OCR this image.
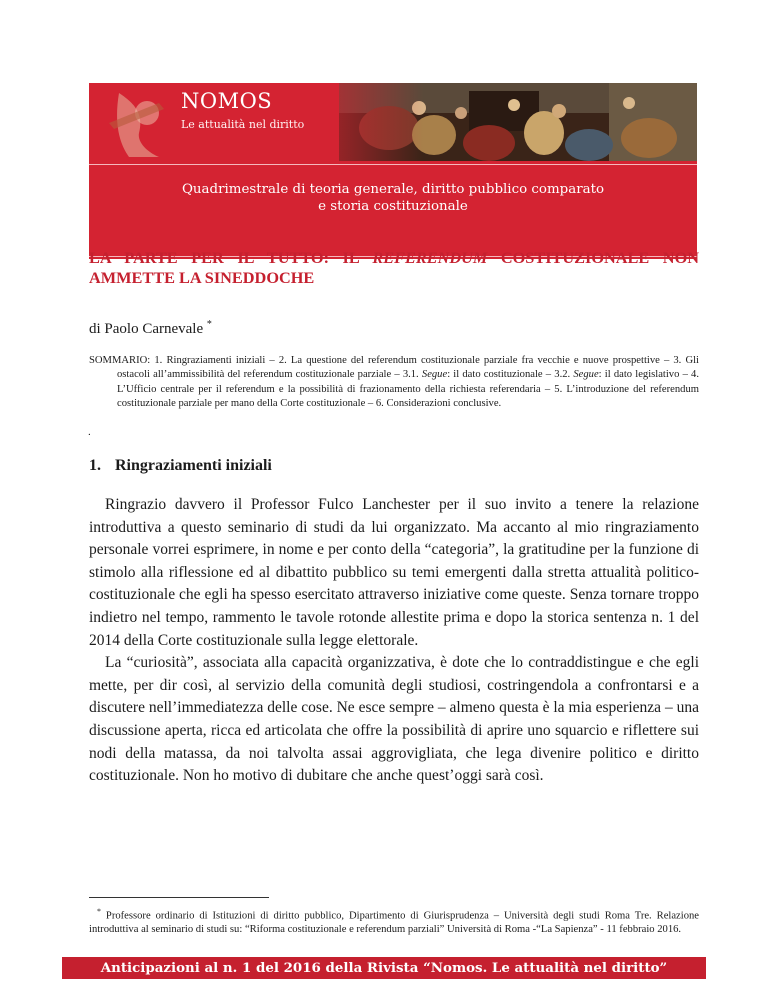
NOMOS
Le attualità nel diritto
Quadrimestrale di teoria generale, diritto pubblico comparato
e storia costituzionale
LA PARTE PER IL TUTTO: IL REFERENDUM COSTITUZIONALE NON AMMETTE LA SINEDDOCHE
di Paolo Carnevale *
SOMMARIO: 1. Ringraziamenti iniziali – 2. La questione del referendum costituzionale parziale fra vecchie e nuove prospettive – 3. Gli ostacoli all’ammissibilità del referendum costituzionale parziale – 3.1. Segue: il dato costituzionale – 3.2. Segue: il dato legislativo – 4. L’Ufficio centrale per il referendum e la possibilità di frazionamento della richiesta referendaria – 5. L’introduzione del referendum costituzionale parziale per mano della Corte costituzionale – 6. Considerazioni conclusive.
.
1. Ringraziamenti iniziali

Ringrazio davvero il Professor Fulco Lanchester per il suo invito a tenere la relazione introduttiva a questo seminario di studi da lui organizzato. Ma accanto al mio ringraziamento personale vorrei esprimere, in nome e per conto della “categoria”, la gratitudine per la funzione di stimolo alla riflessione ed al dibattito pubblico su temi emergenti dalla stretta attualità politico-costituzionale che egli ha spesso esercitato attraverso iniziative come queste. Senza tornare troppo indietro nel tempo, rammento le tavole rotonde allestite prima e dopo la storica sentenza n. 1 del 2014 della Corte costituzionale sulla legge elettorale.

La “curiosità”, associata alla capacità organizzativa, è dote che lo contraddistingue e che egli mette, per dir così, al servizio della comunità degli studiosi, costringendola a confrontarsi e a discutere nell’immediatezza delle cose. Ne esce sempre – almeno questa è la mia esperienza – una discussione aperta, ricca ed articolata che offre la possibilità di aprire uno squarcio e riflettere sui nodi della matassa, da noi talvolta assai aggrovigliata, che lega divenire politico e diritto costituzionale. Non ho motivo di dubitare che anche quest’oggi sarà così.

* Professore ordinario di Istituzioni di diritto pubblico, Dipartimento di Giurisprudenza – Università degli studi Roma Tre. Relazione introduttiva al seminario di studi su: “Riforma costituzionale e referendum parziali” Università di Roma -“La Sapienza” - 11 febbraio 2016.

Anticipazioni al n. 1 del 2016 della Rivista “Nomos. Le attualità nel diritto”
